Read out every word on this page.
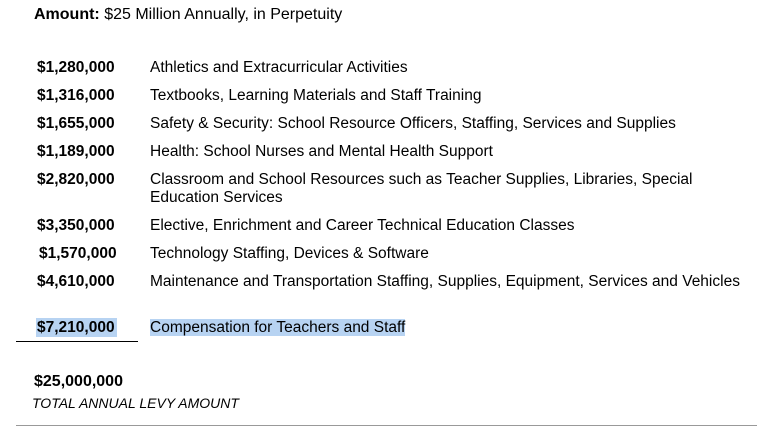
Amount: $25 Million Annually, in Perpetuity
$1,280,000 Athletics and Extracurricular Activities
$1,316,000 Textbooks, Learning Materials and Staff Training
$1,655,000 Safety & Security: School Resource Officers, Staffing, Services and Supplies
$1,189,000 Health: School Nurses and Mental Health Support
$2,820,000 Classroom and School Resources such as Teacher Supplies, Libraries, Special Education Services
$3,350,000 Elective, Enrichment and Career Technical Education Classes
$1,570,000 Technology Staffing, Devices & Software
$4,610,000 Maintenance and Transportation Staffing, Supplies, Equipment, Services and Vehicles
$7,210,000 Compensation for Teachers and Staff
$25,000,000
TOTAL ANNUAL LEVY AMOUNT
